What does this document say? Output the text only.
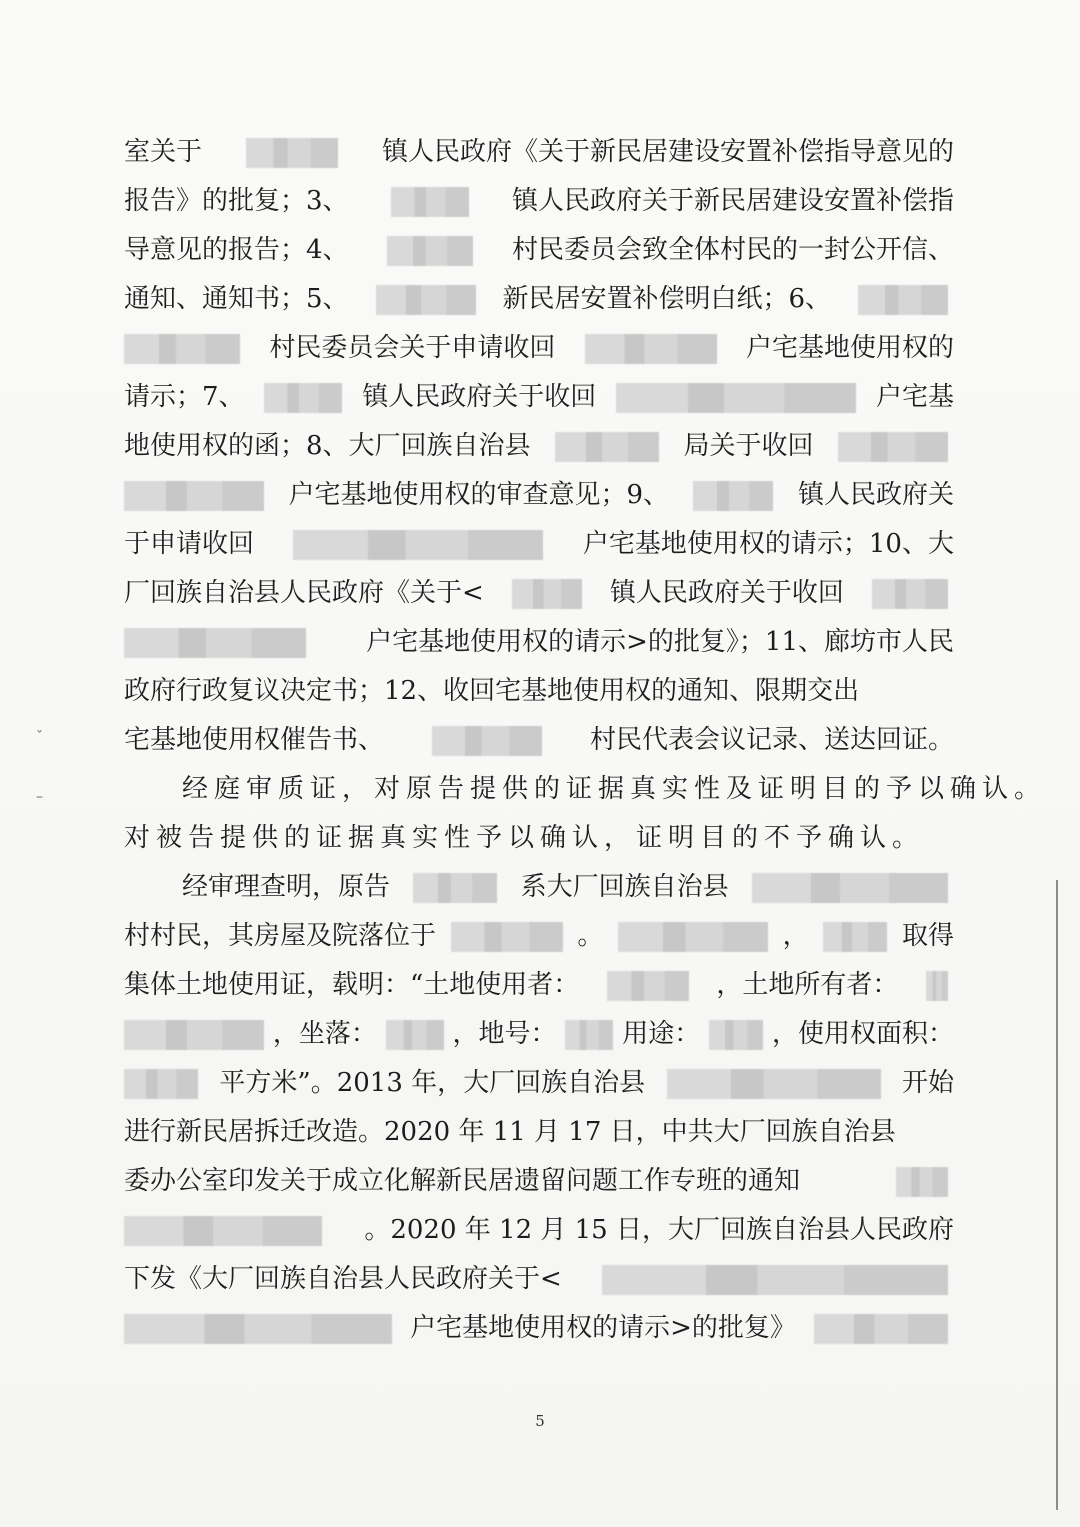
ˇ
–
室关于	镇人民政府《关于新民居建设安置补偿指导意见的
报告》的批复；3、	镇人民政府关于新民居建设安置补偿指
导意见的报告；4、	村民委员会致全体村民的一封公开信、
通知、通知书；5、	新民居安置补偿明白纸；6、
村民委员会关于申请收回	户宅基地使用权的
请示；7、	镇人民政府关于收回	户宅基
地使用权的函；8、大厂回族自治县	局关于收回
户宅基地使用权的审查意见；9、	镇人民政府关
于申请收回	户宅基地使用权的请示；10、大
厂回族自治县人民政府《关于<	镇人民政府关于收回
户宅基地使用权的请示>的批复》；11、廊坊市人民
政府行政复议决定书；12、收回宅基地使用权的通知、限期交出
宅基地使用权催告书、	村民代表会议记录、送达回证。
经庭审质证，对原告提供的证据真实性及证明目的予以确认。
对被告提供的证据真实性予以确认，证明目的不予确认。
经审理查明，原告	系大厂回族自治县
村村民，其房屋及院落位于	。	，	取得
集体土地使用证，载明：“土地使用者：	，土地所有者：
，坐落：	，地号：	用途：	，使用权面积：
平方米”。2013 年，大厂回族自治县	开始
进行新民居拆迁改造。2020 年 11 月 17 日，中共大厂回族自治县
委办公室印发关于成立化解新民居遗留问题工作专班的通知
。2020 年 12 月 15 日，大厂回族自治县人民政府
下发《大厂回族自治县人民政府关于<
户宅基地使用权的请示>的批复》
5
